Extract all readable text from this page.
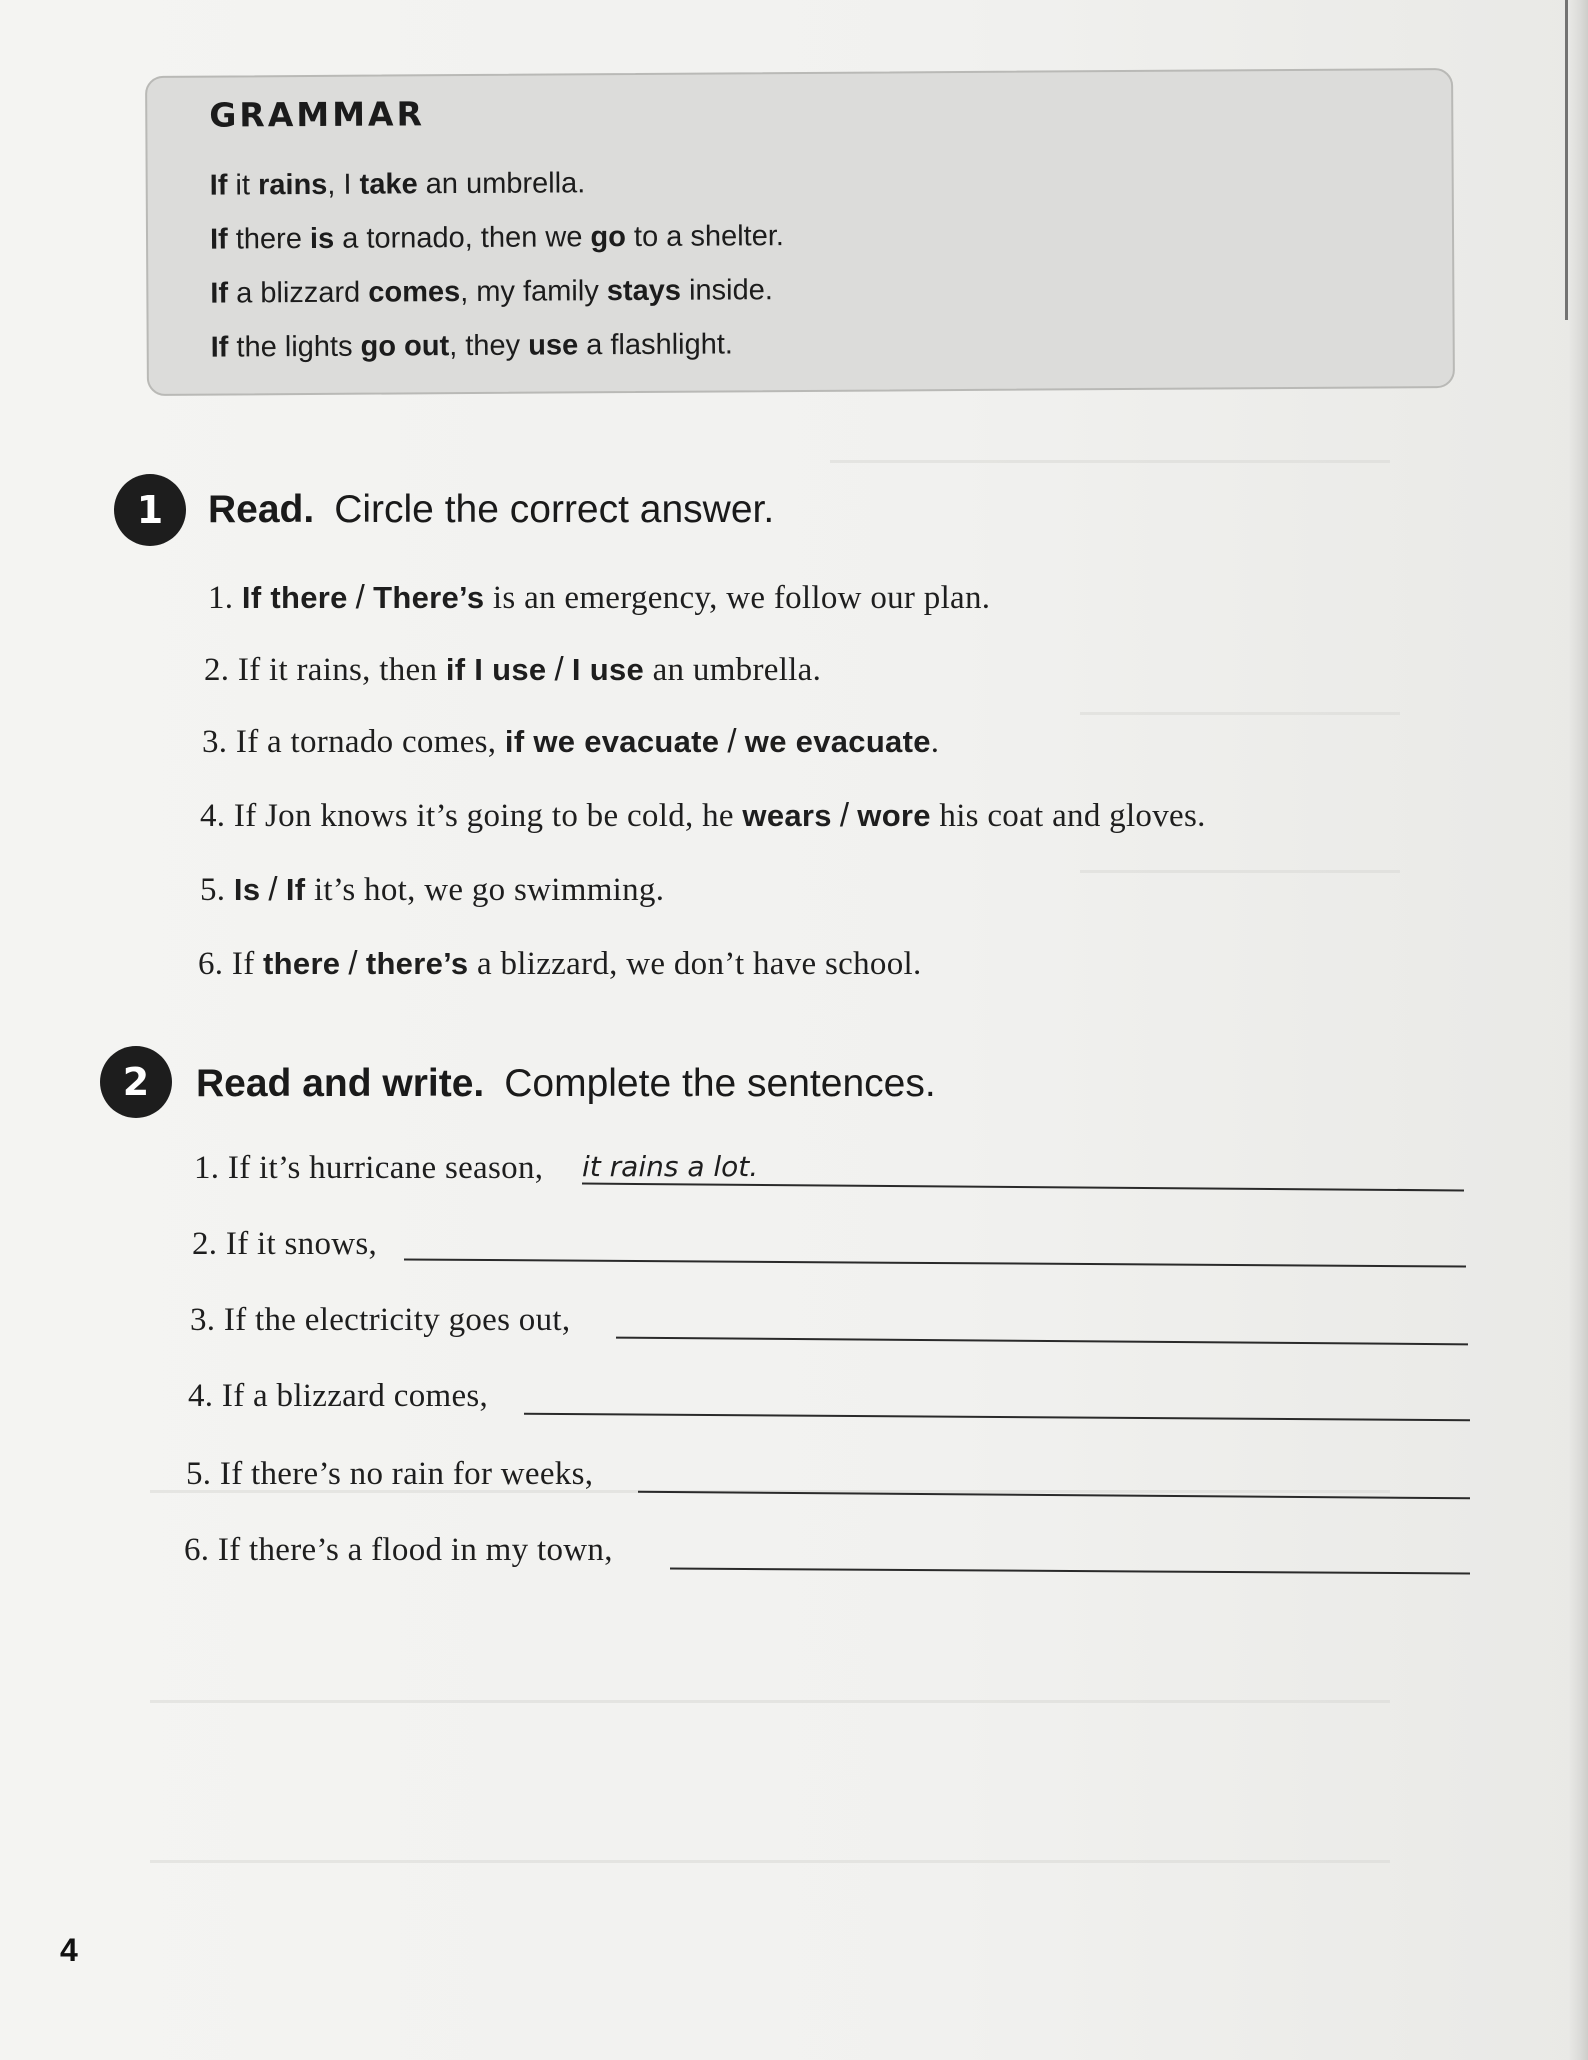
GRAMMAR
If it rains, I take an umbrella.
If there is a tornado, then we go to a shelter.
If a blizzard comes, my family stays inside.
If the lights go out, they use a flashlight.
1	Read. Circle the correct answer.
1. If there / There’s is an emergency, we follow our plan.
2. If it rains, then if I use / I use an umbrella.
3. If a tornado comes, if we evacuate / we evacuate.
4. If Jon knows it’s going to be cold, he wears / wore his coat and gloves.
5. Is / If it’s hot, we go swimming.
6. If there / there’s a blizzard, we don’t have school.
2	Read and write. Complete the sentences.
1. If it’s hurricane season,
2. If it snows,
3. If the electricity goes out,
4. If a blizzard comes,
5. If there’s no rain for weeks,
6. If there’s a flood in my town,
it rains a lot.
4
